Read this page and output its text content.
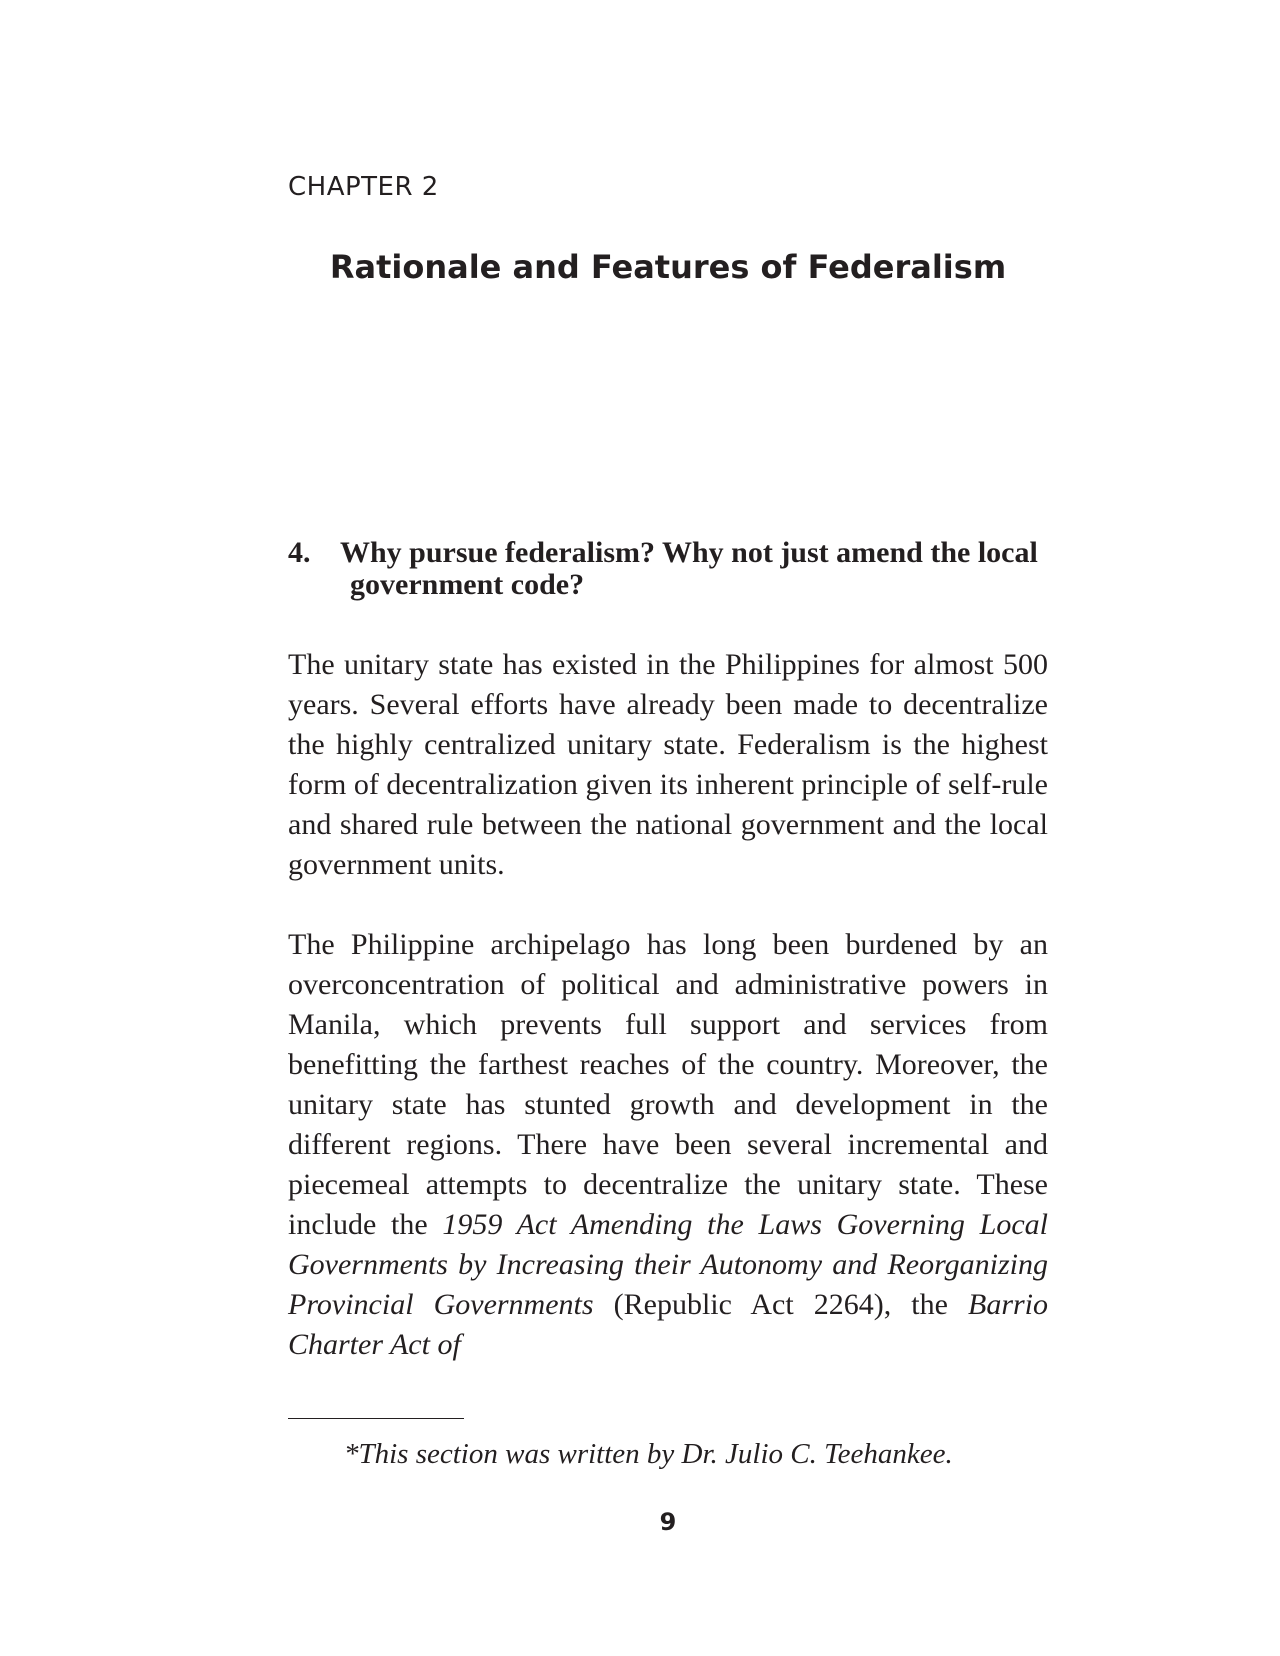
CHAPTER 2
Rationale and Features of Federalism
4. Why pursue federalism? Why not just amend the local
government code?

The unitary state has existed in the Philippines for almost 500 years. Several efforts have already been made to decentralize the highly centralized unitary state. Federalism is the highest form of decentralization given its inherent principle of self-rule and shared rule between the national government and the local government units.

The Philippine archipelago has long been burdened by an overconcentration of political and administrative powers in Manila, which prevents full support and services from benefitting the farthest reaches of the country. Moreover, the unitary state has stunted growth and development in the different regions. There have been several incremental and piecemeal attempts to decentralize the unitary state. These include the 1959 Act Amending the Laws Governing Local Governments by Increasing their Autonomy and Reorganizing Provincial Governments (Republic Act 2264), the Barrio Charter Act of

*This section was written by Dr. Julio C. Teehankee.
9
